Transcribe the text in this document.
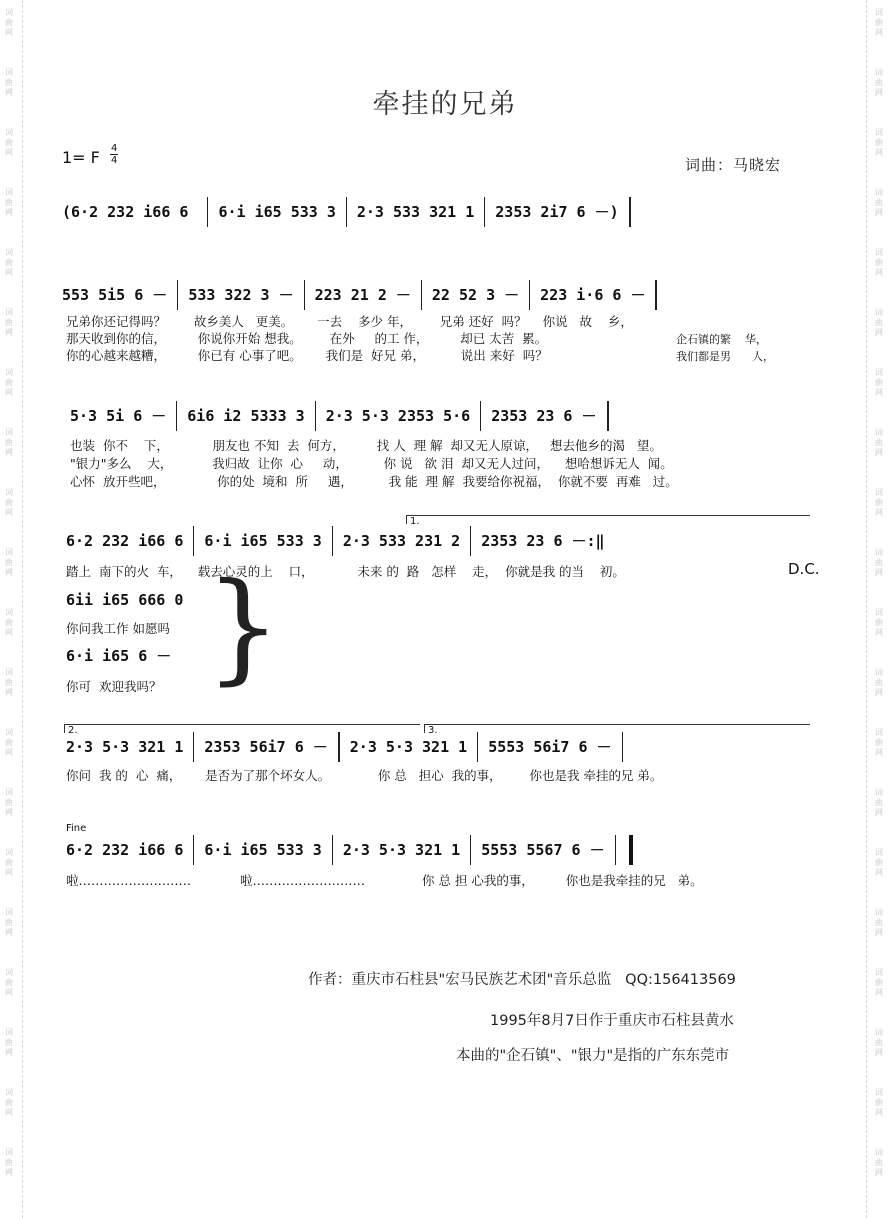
词
曲
网
词
曲
网
词
曲
网
词
曲
网
词
曲
网
词
曲
网
词
曲
网
词
曲
网
词
曲
网
词
曲
网
词
曲
网
词
曲
网
词
曲
网
词
曲
网
词
曲
网
词
曲
网
词
曲
网
词
曲
网
词
曲
网
词
曲
网
词
曲
网
词
曲
网
词
曲
网
词
曲
网
词
曲
网
词
曲
网
词
曲
网
词
曲
网
词
曲
网
词
曲
网
词
曲
网
词
曲
网
词
曲
网
词
曲
网
词
曲
网
词
曲
网
词
曲
网
词
曲
网
词
曲
网
词
曲
网
牵挂的兄弟
1= F 4
4	词曲：马晓宏
(6·2 232 i66 6 6·i i65 533 3 2·3 533 321 1 2353 2i7 6 －)
553 5i5 6 － 533 322 3 － 223 21 2 － 22 52 3 － 223 i·6 6 －
兄弟你还记得吗？       故乡美人   更美。      一去    多少 年，       兄弟 还好  吗？    你说   故    乡，
那天收到你的信，        你说你开始 想我。       在外     的工 作，        却已 太苦  累。
你的心越来越糟，        你已有 心事了吧。      我们是  好兄 弟，         说出 来好  吗？
企石镇的繁    华，
我们都是男      人，
5·3 5i 6 － 6i6 i2 5333 3 2·3 5·3 2353 5·6 2353 23 6 －
也装  你不    下，           朋友也 不知  去  何方，        找 人  理 解  却又无人原谅，   想去他乡的渴   望。
"银力"多么    大，          我归故  让你  心     动，         你 说   欲 泪  却又无人过问，    想哈想诉无人  闻。
心怀  放开些吧，             你的处  境和  所     遇，         我 能  理 解  我要给你祝福，  你就不要  再难   过。
1.
6·2 232 i66 6 6·i i65 533 3 2·3 533 231 2 2353 23 6 － :‖
踏上  南下的火  车，    载去心灵的上    口，           未来 的  路   怎样    走，  你就是我 的当    初。	D.C.
6ii i65 666 0
你问我工作 如愿吗
6·i i65 6 －
你可  欢迎我吗？ }
2.	3.
2·3 5·3 321 1 2353 56i7 6 － 2·3 5·3 321 1 5553 56i7 6 －
你问  我 的  心  痛，      是否为了那个坏女人。            你 总   担心  我的事，       你也是我 牵挂的兄 弟。
Fine
6·2 232 i66 6 6·i i65 533 3 2·3 5·3 321 1 5553 5567 6 －
啦………………………	啦………………………	你 总 担 心我的事，        你也是我牵挂的兄   弟。
作者：重庆市石柱县"宏马民族艺术团"音乐总监   QQ:156413569
1995年8月7日作于重庆市石柱县黄水
本曲的"企石镇"、"银力"是指的广东东莞市
